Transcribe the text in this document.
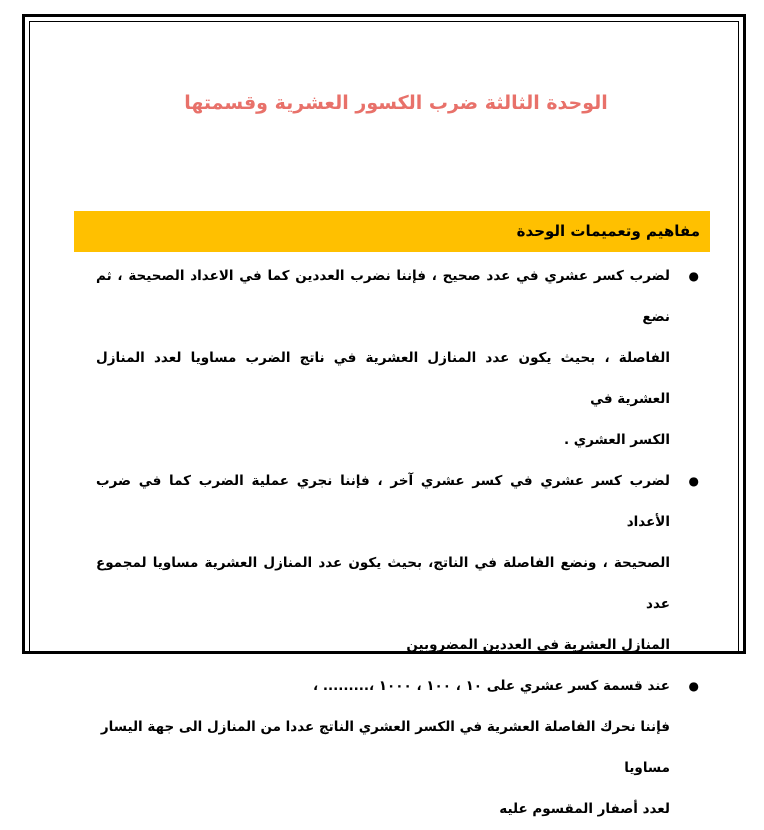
الوحدة الثالثة ضرب الكسور العشرية وقسمتها
مفاهيم وتعميمات الوحدة
●

لضرب كسر عشري في عدد صحيح ، فإننا نضرب العددين كما في الاعداد الصحيحة ، ثم نضع

الفاصلة ، بحيث يكون عدد المنازل العشرية في ناتج الضرب مساويا لعدد المنازل العشرية في

الكسر العشري .

●

لضرب كسر عشري في كسر عشري آخر ، فإننا نجري عملية الضرب كما في ضرب الأعداد

الصحيحة ، ونضع الفاصلة في الناتج، بحيث يكون عدد المنازل العشرية مساويا لمجموع عدد

المنازل العشرية في العددين المضروبين

●

عند قسمة كسر عشري على ١٠ ، ١٠٠ ، ١٠٠٠ ،......... ،

فإننا نحرك الفاصلة العشرية في الكسر العشري الناتج عددا من المنازل الى جهة اليسار مساويا

لعدد أصفار المقسوم عليه
